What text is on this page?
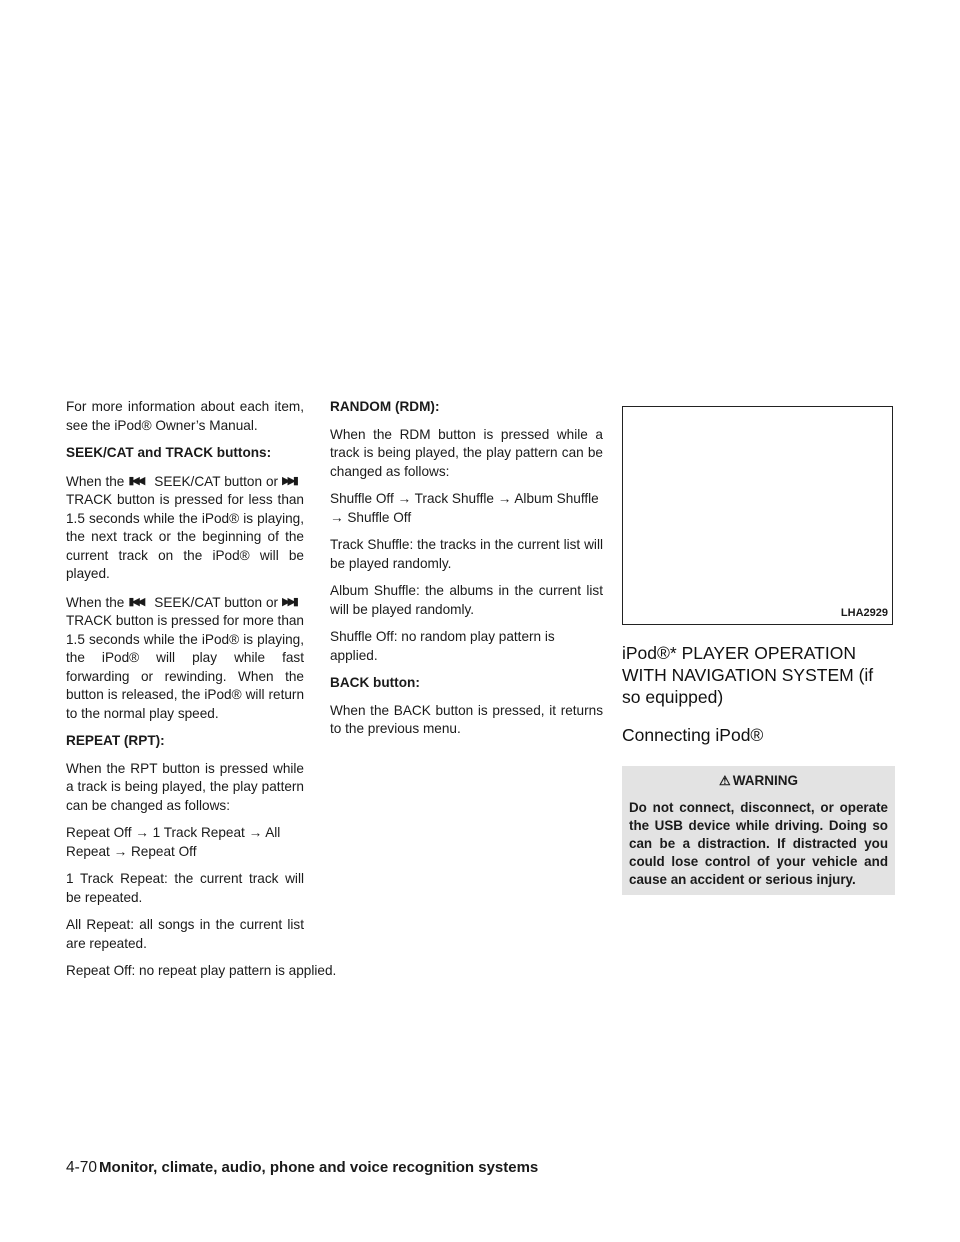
For more information about each item, see the iPod® Owner’s Manual.

SEEK/CAT and TRACK buttons:

When the ▮◀◀ SEEK/CAT button or ▶▶▮ TRACK button is pressed for less than 1.5 seconds while the iPod® is playing, the next track or the beginning of the current track on the iPod® will be played.

When the ▮◀◀ SEEK/CAT button or ▶▶▮ TRACK button is pressed for more than 1.5 seconds while the iPod® is playing, the iPod® will play while fast forwarding or rewinding. When the button is released, the iPod® will return to the normal play speed.

REPEAT (RPT):

When the RPT button is pressed while a track is being played, the play pattern can be changed as follows:

Repeat Off → 1 Track Repeat → All Repeat → Repeat Off

1 Track Repeat: the current track will be repeated.

All Repeat: all songs in the current list are repeated.

Repeat Off: no repeat play pattern is applied.

RANDOM (RDM):

When the RDM button is pressed while a track is being played, the play pattern can be changed as follows:

Shuffle Off → Track Shuffle → Album Shuffle → Shuffle Off

Track Shuffle: the tracks in the current list will be played randomly.

Album Shuffle: the albums in the current list will be played randomly.

Shuffle Off: no random play pattern is applied.

BACK button:

When the BACK button is pressed, it returns to the previous menu.

LHA2929
iPod®* PLAYER OPERATION WITH NAVIGATION SYSTEM (if so equipped)
Connecting iPod®
⚠ WARNING
Do not connect, disconnect, or operate the USB device while driving. Doing so can be a distraction. If distracted you could lose control of your vehicle and cause an accident or serious injury.
4-70 Monitor, climate, audio, phone and voice recognition systems
